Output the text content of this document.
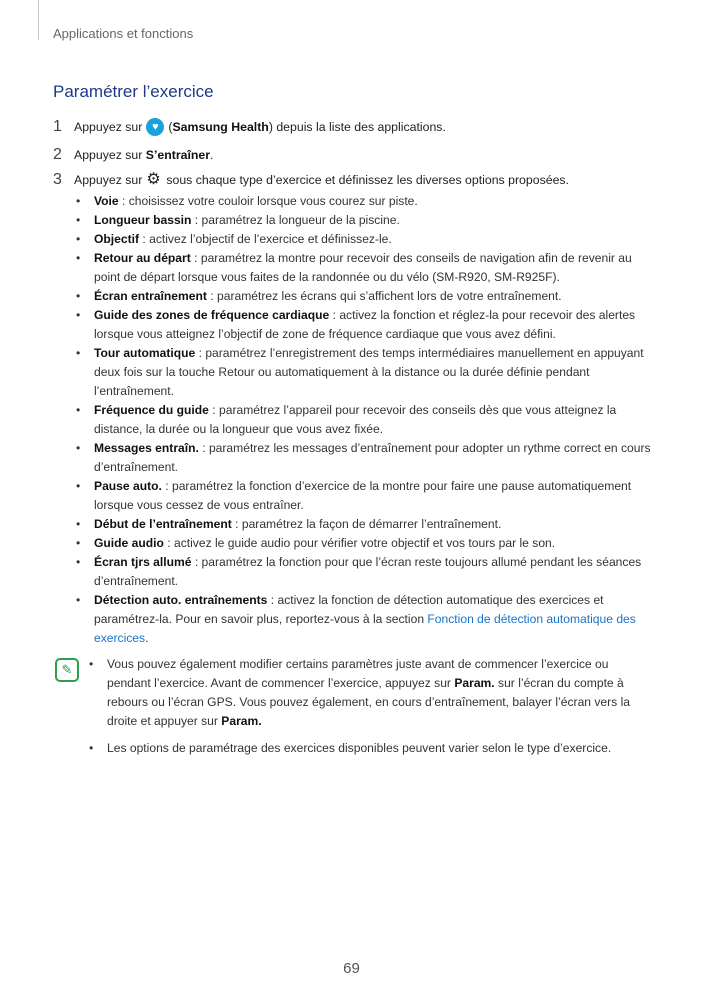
Applications et fonctions
Paramétrer l’exercice
1 Appuyez sur ♥ ( Samsung Health ) depuis la liste des applications.
2 Appuyez sur
S’entraîner .
3 Appuyez sur ⚙ sous chaque type d’exercice et définissez les diverses options proposées.
• Voie : choisissez votre couloir lorsque vous courez sur piste.
• Longueur bassin : paramétrez la longueur de la piscine.
• Objectif : activez l’objectif de l’exercice et définissez-le.
• Retour au départ : paramétrez la montre pour recevoir des conseils de navigation afin de revenir au point de départ lorsque vous faites de la randonnée ou du vélo (SM-R920, SM-R925F).
• Écran entraînement : paramétrez les écrans qui s’affichent lors de votre entraînement.
• Guide des zones de fréquence cardiaque : activez la fonction et réglez-la pour recevoir des alertes lorsque vous atteignez l’objectif de zone de fréquence cardiaque que vous avez défini.
• Tour automatique : paramétrez l’enregistrement des temps intermédiaires manuellement en appuyant deux fois sur la touche Retour ou automatiquement à la distance ou la durée définie pendant l’entraînement.
• Fréquence du guide : paramétrez l’appareil pour recevoir des conseils dès que vous atteignez la distance, la durée ou la longueur que vous avez fixée.
• Messages entraîn. : paramétrez les messages d’entraînement pour adopter un rythme correct en cours d’entraînement.
• Pause auto. : paramétrez la fonction d’exercice de la montre pour faire une pause automatiquement lorsque vous cessez de vous entraîner.
• Début de l’entraînement : paramétrez la façon de démarrer l’entraînement.
• Guide audio : activez le guide audio pour vérifier votre objectif et vos tours par le son.
• Écran tjrs allumé : paramétrez la fonction pour que l’écran reste toujours allumé pendant les séances d’entraînement.
• Détection auto. entraînements : activez la fonction de détection automatique des exercices et paramétrez-la. Pour en savoir plus, reportez-vous à la section Fonction de détection automatique des exercices.
✎
•	Vous pouvez également modifier certains paramètres juste avant de commencer l’exercice ou pendant l’exercice. Avant de commencer l’exercice, appuyez sur Param. sur l’écran du compte à rebours ou l’écran GPS. Vous pouvez également, en cours d’entraînement, balayer l’écran vers la droite et appuyer sur Param.
• Les options de paramétrage des exercices disponibles peuvent varier selon le type d’exercice.
69
